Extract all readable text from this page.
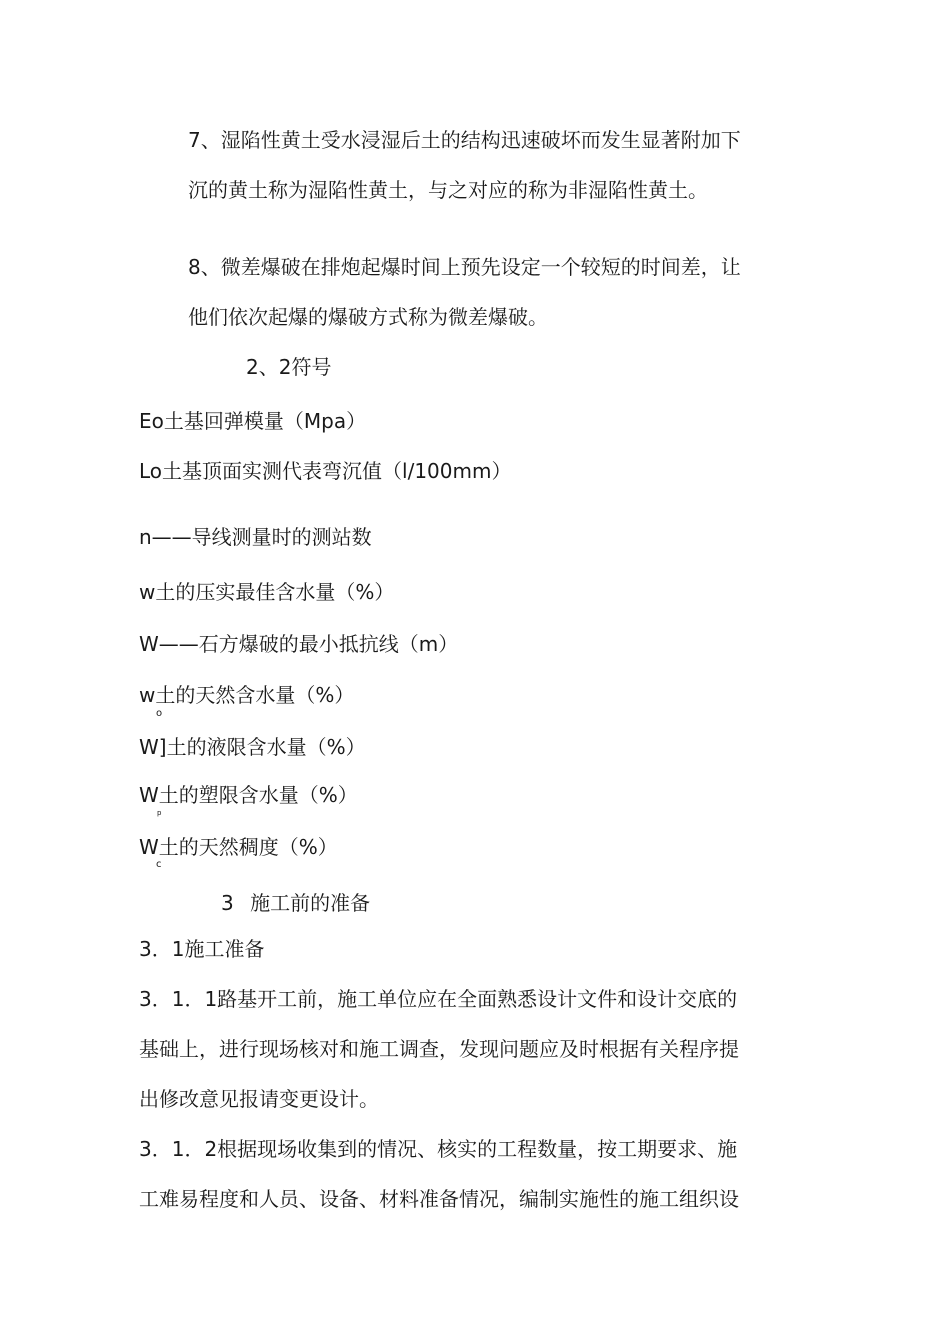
7、湿陷性黄土受水浸湿后土的结构迅速破坏而发生显著附加下
沉的黄土称为湿陷性黄土，与之对应的称为非湿陷性黄土。
8、微差爆破在排炮起爆时间上预先设定一个较短的时间差，让
他们依次起爆的爆破方式称为微差爆破。
2、2符号
Eo土基回弹模量（Mpa）
Lo土基顶面实测代表弯沉值（l/100mm）
n——导线测量时的测站数
w土的压实最佳含水量（%）
W——石方爆破的最小抵抗线（m）
w土的天然含水量（%）
o
W]土的液限含水量（%）
W土的塑限含水量（%）
p
W土的天然稠度（%）
c
3 施工前的准备
3．1施工准备
3．1．1路基开工前，施工单位应在全面熟悉设计文件和设计交底的
基础上，进行现场核对和施工调查，发现问题应及时根据有关程序提
出修改意见报请变更设计。
3．1．2根据现场收集到的情况、核实的工程数量，按工期要求、施
工难易程度和人员、设备、材料准备情况，编制实施性的施工组织设
